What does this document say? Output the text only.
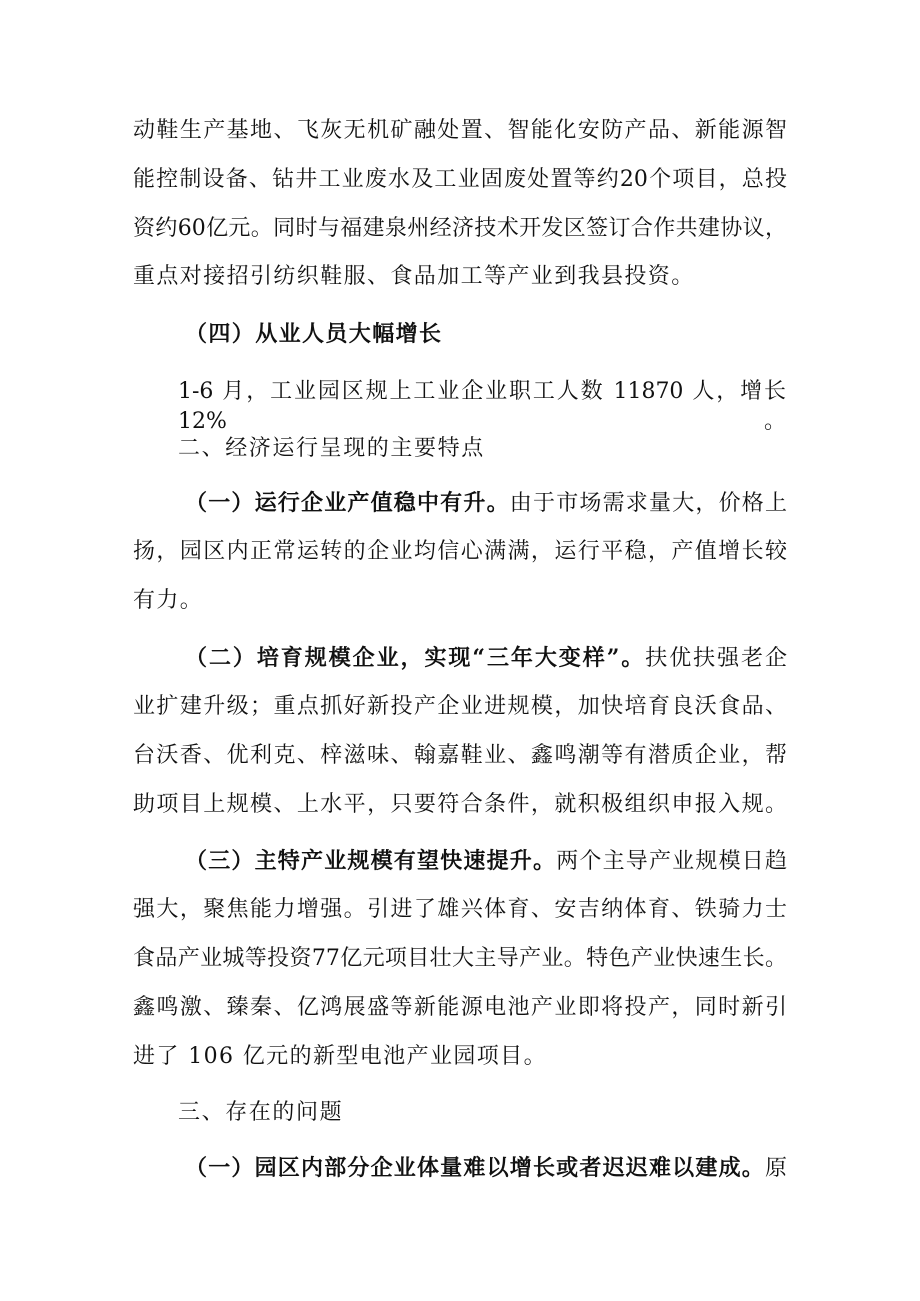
动鞋生产基地、飞灰无机矿融处置、智能化安防产品、新能源智
能控制设备、钻井工业废水及工业固废处置等约20个项目，总投
资约60亿元。同时与福建泉州经济技术开发区签订合作共建协议，
重点对接招引纺织鞋服、食品加工等产业到我县投资。
（四）从业人员大幅增长
1-6 月，工业园区规上工业企业职工人数 11870 人，增长 12%。
二、经济运行呈现的主要特点
（一）运行企业产值稳中有升。由于市场需求量大，价格上
扬，园区内正常运转的企业均信心满满，运行平稳，产值增长较
有力。
（二）培育规模企业，实现“三年大变样”。扶优扶强老企
业扩建升级；重点抓好新投产企业进规模，加快培育良沃食品、
台沃香、优利克、梓滋味、翰嘉鞋业、鑫鸣潮等有潜质企业，帮
助项目上规模、上水平，只要符合条件，就积极组织申报入规。
（三）主特产业规模有望快速提升。两个主导产业规模日趋
强大，聚焦能力增强。引进了雄兴体育、安吉纳体育、铁骑力士
食品产业城等投资77亿元项目壮大主导产业。特色产业快速生长。
鑫鸣激、臻秦、亿鸿展盛等新能源电池产业即将投产，同时新引
进了 106 亿元的新型电池产业园项目。
三、存在的问题
（一）园区内部分企业体量难以增长或者迟迟难以建成。原
